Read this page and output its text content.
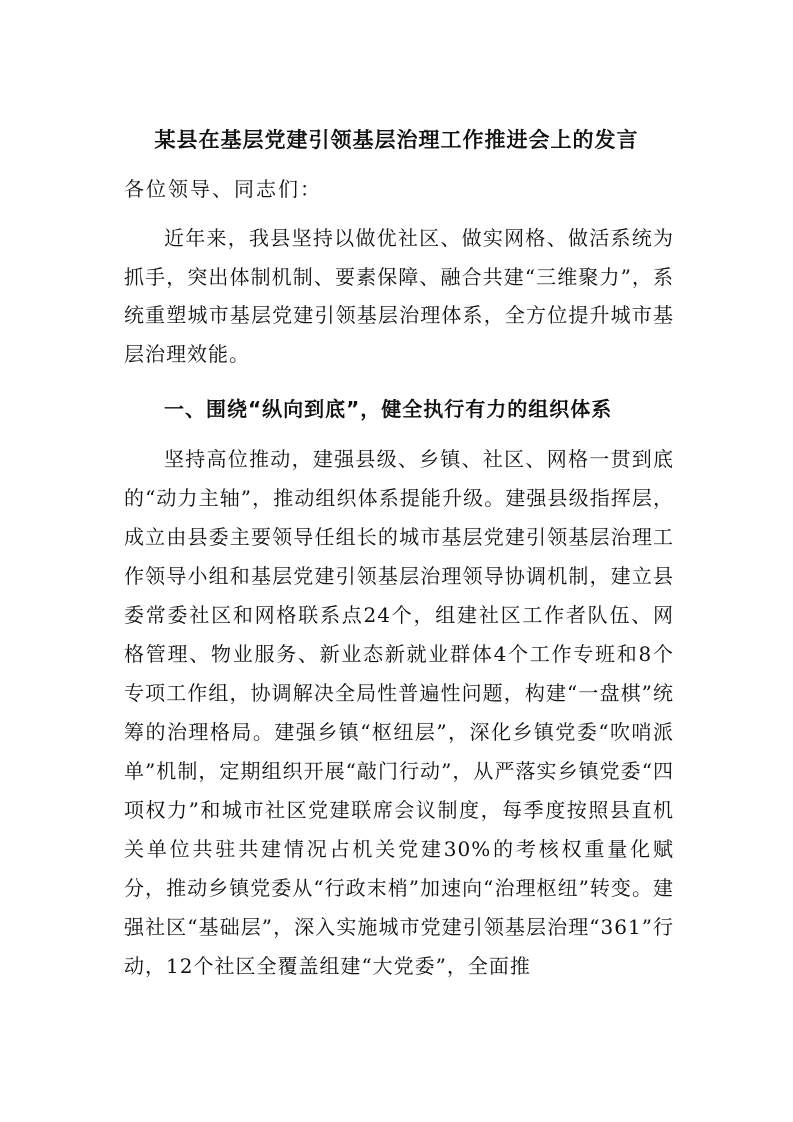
某县在基层党建引领基层治理工作推进会上的发言
各位领导、同志们：
近年来，我县坚持以做优社区、做实网格、做活系统为抓手，突出体制机制、要素保障、融合共建“三维聚力”，系统重塑城市基层党建引领基层治理体系，全方位提升城市基层治理效能。
一、围绕“纵向到底”，健全执行有力的组织体系
坚持高位推动，建强县级、乡镇、社区、网格一贯到底的“动力主轴”，推动组织体系提能升级。建强县级指挥层，成立由县委主要领导任组长的城市基层党建引领基层治理工作领导小组和基层党建引领基层治理领导协调机制，建立县委常委社区和网格联系点24个，组建社区工作者队伍、网格管理、物业服务、新业态新就业群体4个工作专班和8个专项工作组，协调解决全局性普遍性问题，构建“一盘棋”统筹的治理格局。建强乡镇“枢纽层”，深化乡镇党委“吹哨派单”机制，定期组织开展“敲门行动”，从严落实乡镇党委“四项权力”和城市社区党建联席会议制度，每季度按照县直机关单位共驻共建情况占机关党建30%的考核权重量化赋分，推动乡镇党委从“行政末梢”加速向“治理枢纽”转变。建强社区“基础层”，深入实施城市党建引领基层治理“361”行动，12个社区全覆盖组建“大党委”，全面推
